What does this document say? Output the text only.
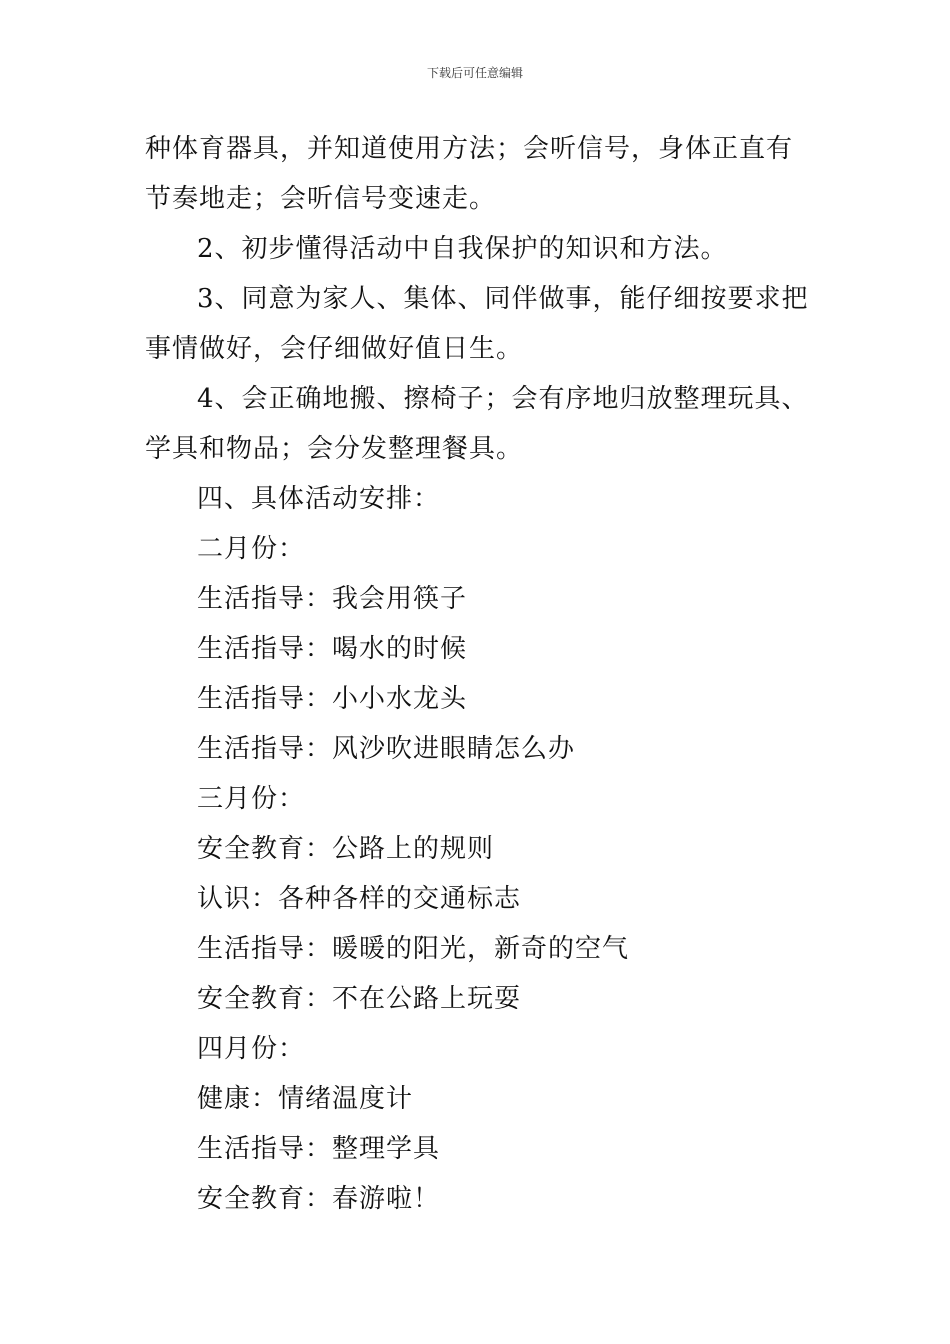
下载后可任意编辑

种体育器具，并知道使用方法；会听信号，身体正直有节奏地走；会听信号变速走。

2、初步懂得活动中自我保护的知识和方法。

3、同意为家人、集体、同伴做事，能仔细按要求把事情做好，会仔细做好值日生。

4、会正确地搬、擦椅子；会有序地归放整理玩具、学具和物品；会分发整理餐具。

四、具体活动安排：

二月份：

生活指导：我会用筷子

生活指导：喝水的时候

生活指导：小小水龙头

生活指导：风沙吹进眼睛怎么办

三月份：

安全教育：公路上的规则

认识：各种各样的交通标志

生活指导：暖暖的阳光，新奇的空气

安全教育：不在公路上玩耍

四月份：

健康：情绪温度计

生活指导：整理学具

安全教育：春游啦！
